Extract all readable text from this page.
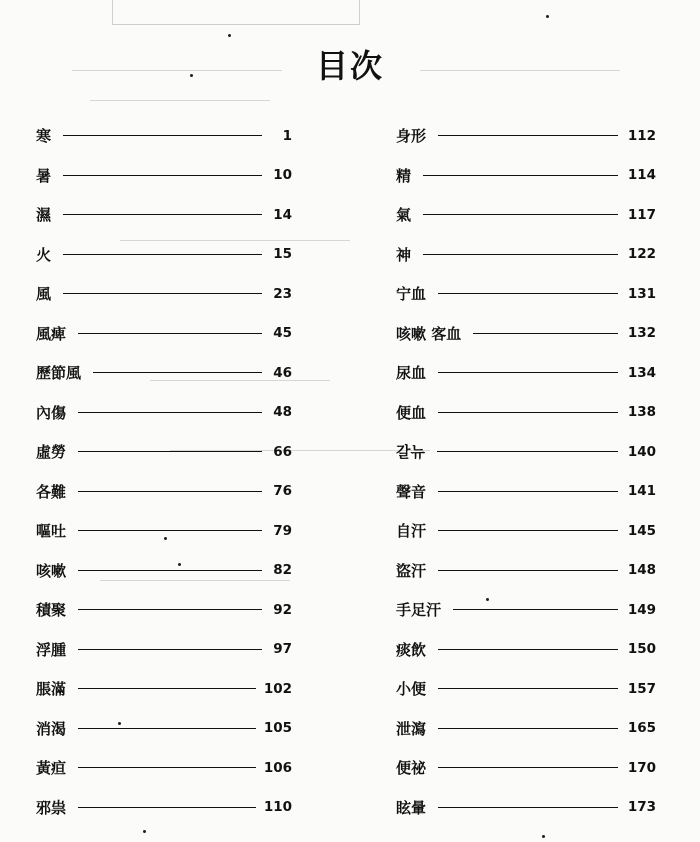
目次
寒	1
暑	10
濕	14
火	15
風	23
風痺	45
歷節風	46
內傷	48
虛勞	66
各難	76
嘔吐	79
咳嗽	82
積聚	92
浮腫	97
脹滿	102
消渴	105
黃疸	106
邪祟	110
身形	112
精	114
氣	117
神	122
宁血	131
咳嗽 客血	132
尿血	134
便血	138
갈뉴	140
聲音	141
自汗	145
盜汗	148
手足汗	149
痰飲	150
小便	157
泄瀉	165
便祕	170
眩暈	173
